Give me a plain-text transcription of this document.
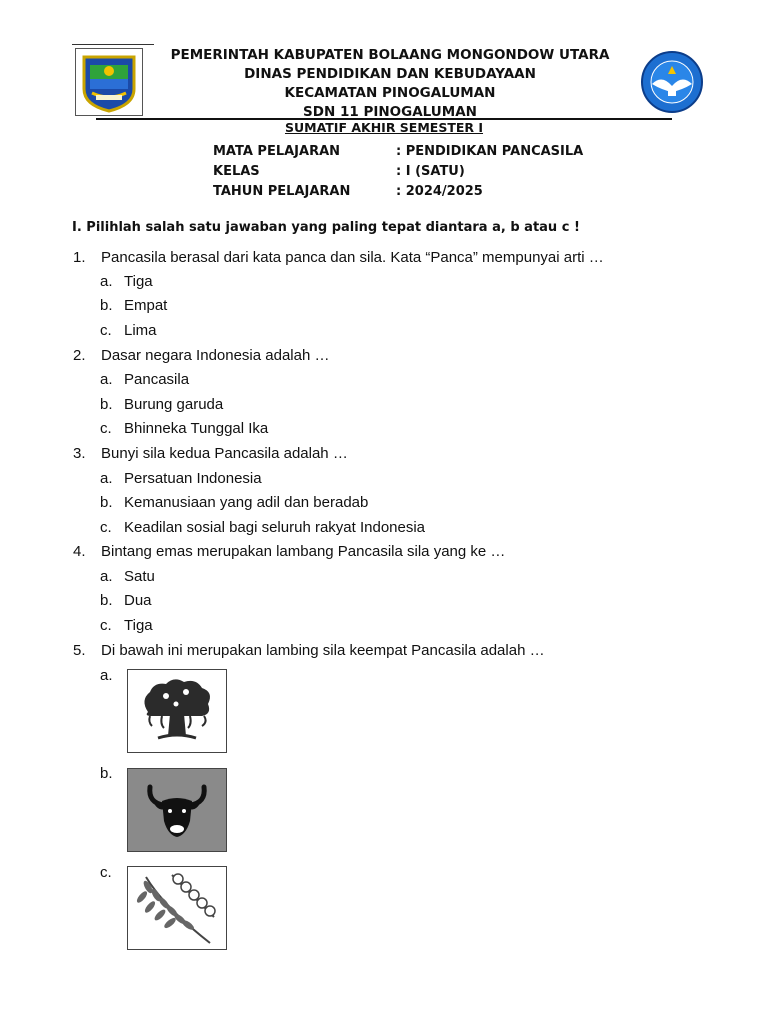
PEMERINTAH KABUPATEN BOLAANG MONGONDOW UTARA
DINAS PENDIDIKAN DAN KEBUDAYAAN
KECAMATAN PINOGALUMAN
SDN 11 PINOGALUMAN
SUMATIF AKHIR SEMESTER I
MATA PELAJARAN	: PENDIDIKAN PANCASILA
KELAS	: I (SATU)
TAHUN PELAJARAN	: 2024/2025
I. Pilihlah salah satu jawaban yang paling tepat diantara a, b atau c !
1. Pancasila berasal dari kata panca dan sila. Kata “Panca” mempunyai arti …
a. Tiga
b. Empat
c. Lima
2. Dasar negara Indonesia adalah …
a. Pancasila
b. Burung garuda
c. Bhinneka Tunggal Ika
3. Bunyi sila kedua Pancasila adalah …
a. Persatuan Indonesia
b. Kemanusiaan yang adil dan beradab
c. Keadilan sosial bagi seluruh rakyat Indonesia
4. Bintang emas merupakan lambang Pancasila sila yang ke …
a. Satu
b. Dua
c. Tiga
5. Di bawah ini merupakan lambing sila keempat Pancasila adalah …
a.
b.
c.
